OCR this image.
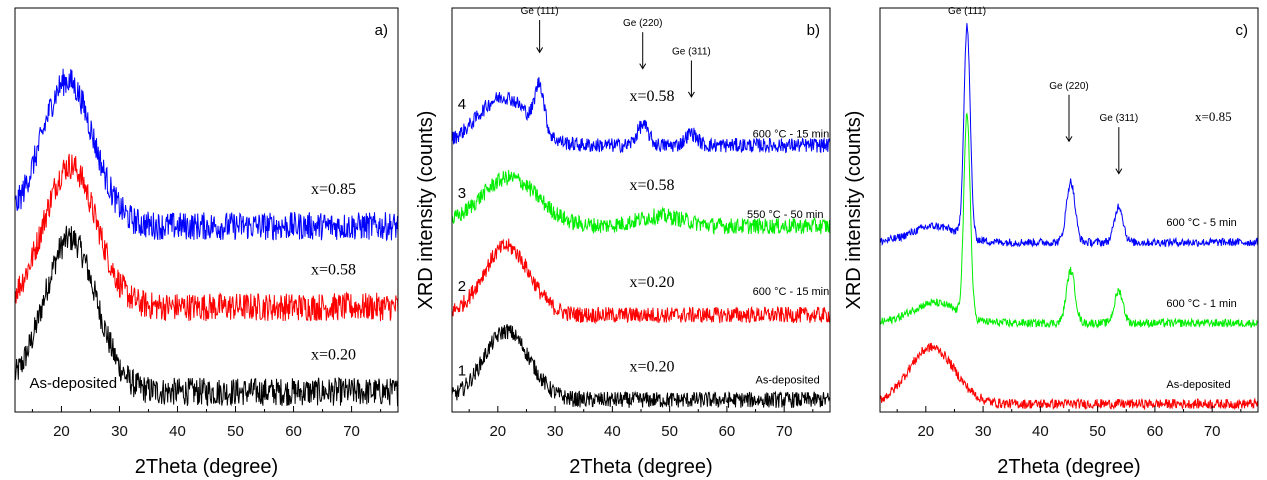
20	30	40	50	60	70
2Theta (degree)
a)
As-deposited
x=0.20
x=0.58
x=0.85
20	30	40	50	60	70
2Theta (degree)
XRD intensity (counts)
b)
1
2
3
4
x=0.20
As-deposited
x=0.20
600 °C - 15 min
x=0.58
550 °C - 50 min
x=0.58
600 °C - 15 min
Ge (111)
Ge (220)
Ge (311)
20	30	40	50	60	70
2Theta (degree)
XRD intensity (counts)
c)
x=0.85
600 °C - 5 min
600 °C - 1 min
As-deposited
Ge (111)
Ge (220)
Ge (311)
